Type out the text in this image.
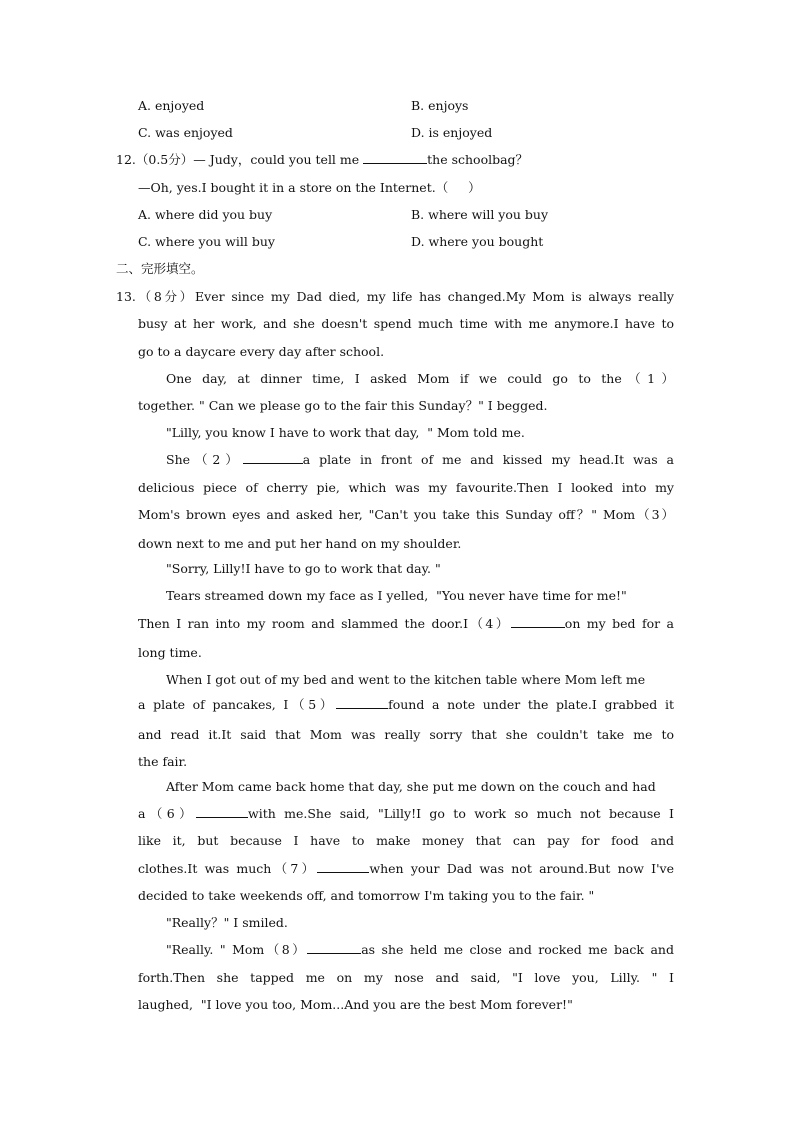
A. enjoyed	B. enjoys
C. was enjoyed	D. is enjoyed
12.（0.5分）— Judy，could you tell me	the schoolbag？
—Oh, yes.I bought it in a store on the Internet.（     ）
A. where did you buy	B. where will you buy
C. where you will buy	D. where you bought
二、完形填空。
13.（8分）Ever since my Dad died, my life has changed.My Mom is always really
busy at her work, and she doesn't spend much time with me anymore.I have to
go to a daycare every day after school.
One day, at dinner time, I asked Mom if we could go to the（1）
together. " Can we please go to the fair this Sunday？" I begged.
"Lilly, you know I have to work that day,  " Mom told me.
She（2）	a plate in front of me and kissed my head.It was a
delicious piece of cherry pie, which was my favourite.Then I looked into my
Mom's brown eyes and asked her, "Can't you take this Sunday off？" Mom（3）
down next to me and put her hand on my shoulder.
"Sorry, Lilly!I have to go to work that day. "
Tears streamed down my face as I yelled,  "You never have time for me!"
Then I ran into my room and slammed the door.I（4）	on my bed for a
long time.
When I got out of my bed and went to the kitchen table where Mom left me
a plate of pancakes, I（5）	found a note under the plate.I grabbed it
and read it.It said that Mom was really sorry that she couldn't take me to
the fair.
After Mom came back home that day, she put me down on the couch and had
a（6）	with me.She said, "Lilly!I go to work so much not because I
like it, but because I have to make money that can pay for food and
clothes.It was much（7）	when your Dad was not around.But now I've
decided to take weekends off, and tomorrow I'm taking you to the fair. "
"Really？" I smiled.
"Really. " Mom（8）	as she held me close and rocked me back and
forth.Then she tapped me on my nose and said, "I love you, Lilly. " I
laughed,  "I love you too, Mom...And you are the best Mom forever!"
